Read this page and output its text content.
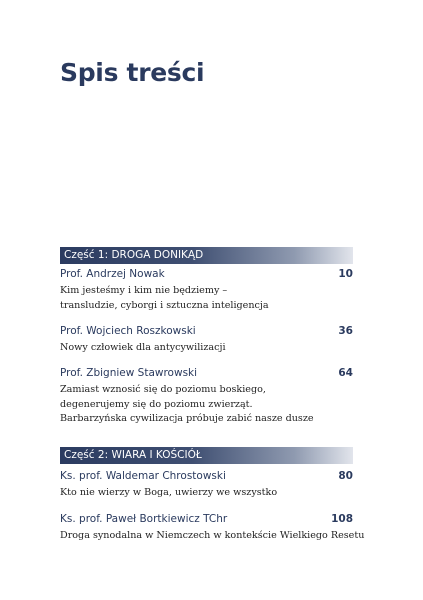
Spis treści
Część 1: DROGA DONIKĄD
Prof. Andrzej Nowak	10
Kim jesteśmy i kim nie będziemy –
transludzie, cyborgi i sztuczna inteligencja
Prof. Wojciech Roszkowski	36
Nowy człowiek dla antycywilizacji
Prof. Zbigniew Stawrowski	64
Zamiast wznosić się do poziomu boskiego,
degenerujemy się do poziomu zwierząt.
Barbarzyńska cywilizacja próbuje zabić nasze dusze
Część 2: WIARA I KOŚCIÓŁ
Ks. prof. Waldemar Chrostowski	80
Kto nie wierzy w Boga, uwierzy we wszystko
Ks. prof. Paweł Bortkiewicz TChr	108
Droga synodalna w Niemczech w kontekście Wielkiego Resetu
